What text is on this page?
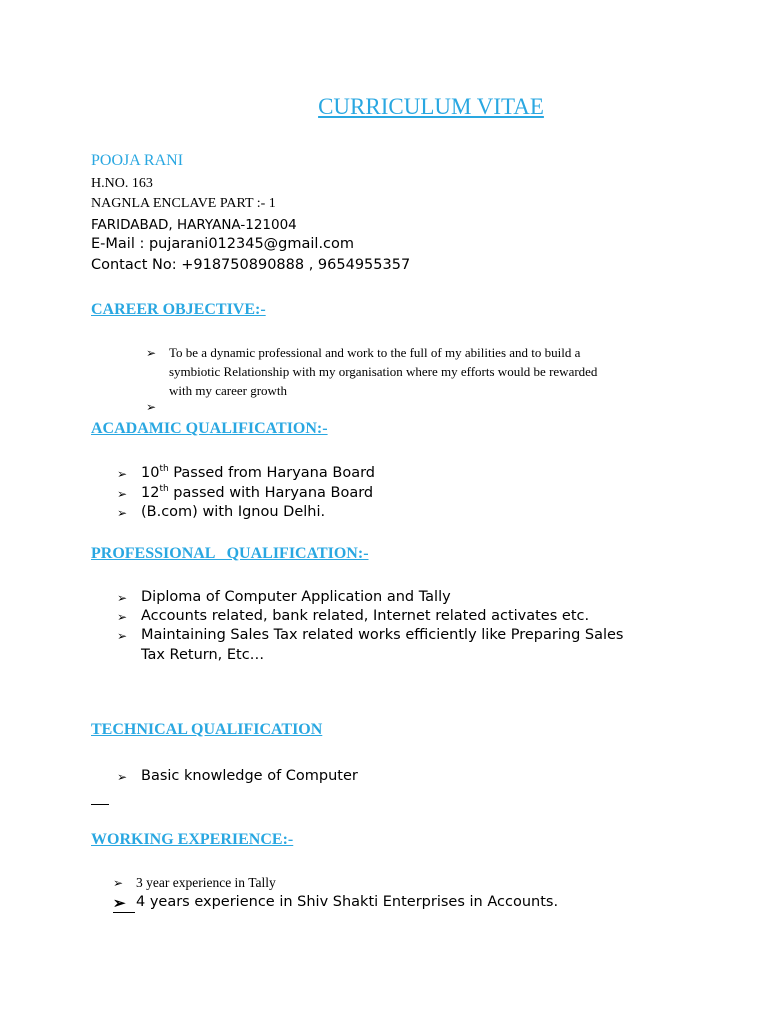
CURRICULUM VITAE
POOJA RANI
H.NO. 163
NAGNLA ENCLAVE PART :- 1
FARIDABAD, HARYANA-121004
E-Mail : pujarani012345@gmail.com
Contact No: +918750890888 , 9654955357
CAREER OBJECTIVE:-
➢ To be a dynamic professional and work to the full of my abilities and to build a
symbiotic Relationship with my organisation where my efforts would be rewarded
with my career growth
➢
ACADAMIC QUALIFICATION:-
➢ 10th Passed from Haryana Board
➢ 12th passed with Haryana Board
➢ (B.com) with Ignou Delhi.
PROFESSIONAL   QUALIFICATION:-
➢ Diploma of Computer Application and Tally
➢ Accounts related, bank related, Internet related activates etc.
➢ Maintaining Sales Tax related works efficiently like Preparing Sales
Tax Return, Etc…
TECHNICAL QUALIFICATION
➢ Basic knowledge of Computer
WORKING EXPERIENCE:-
➢ 3 year experience in Tally
➢ 4 years experience in Shiv Shakti Enterprises in Accounts.
